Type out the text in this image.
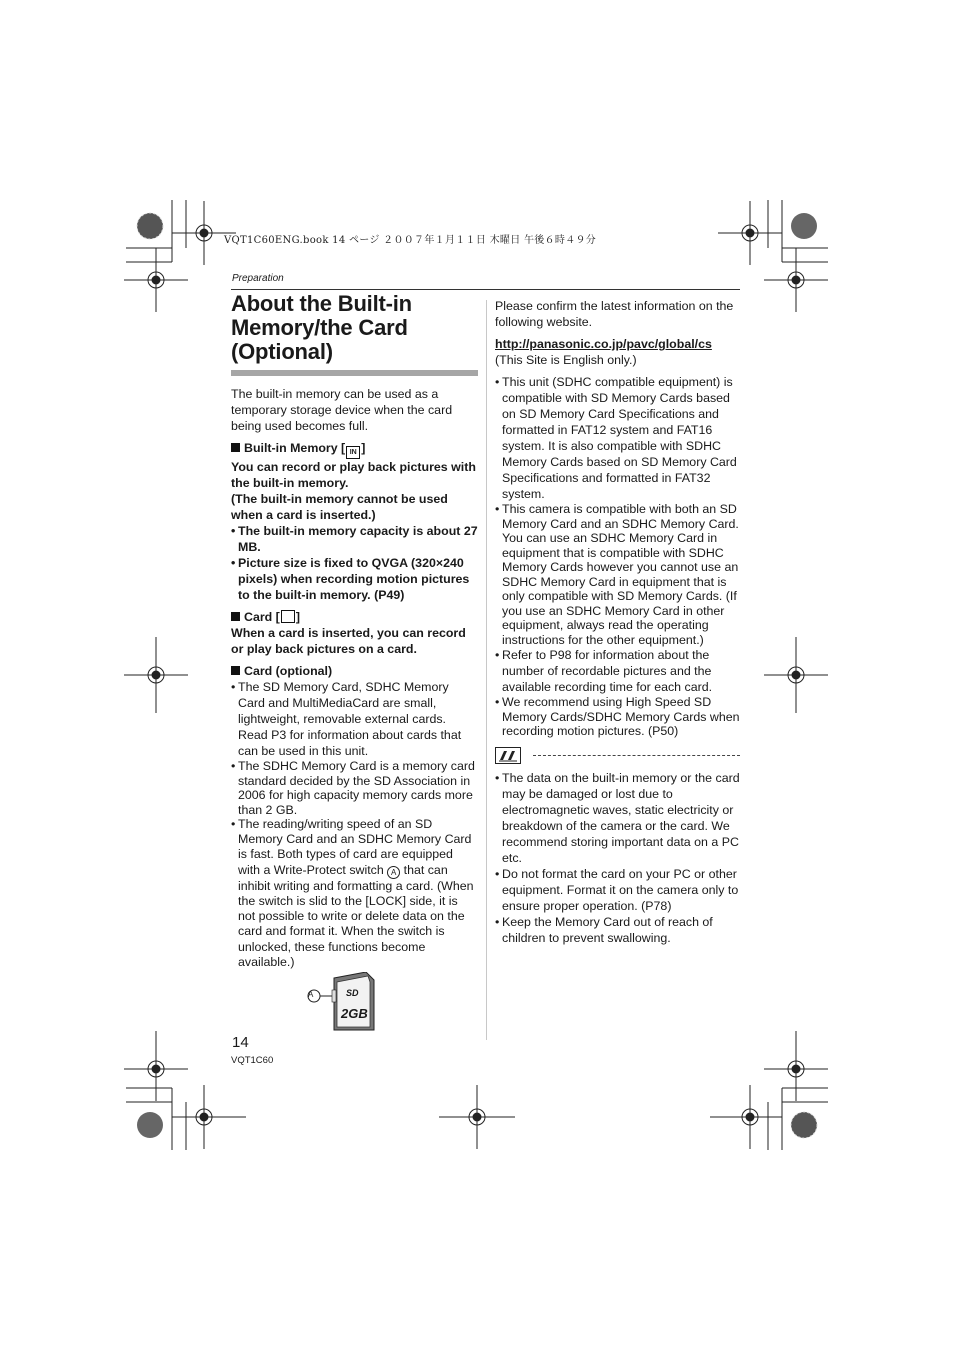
VQT1C60ENG.book 14 ページ ２００７年１月１１日 木曜日 午後６時４９分
Preparation
About the Built-in Memory/the Card (Optional)

The built-in memory can be used as a temporary storage device when the card being used becomes full.

Built-in Memory [ IN ]

You can record or play back pictures with the built-in memory.

(The built-in memory cannot be used when a card is inserted.)

• The built-in memory capacity is about 27 MB.

• Picture size is fixed to QVGA (320×240 pixels) when recording motion pictures to the built-in memory. (P49)

Card [ ]

When a card is inserted, you can record or play back pictures on a card.

Card (optional)

• The SD Memory Card, SDHC Memory Card and MultiMediaCard are small, lightweight, removable external cards. Read P3 for information about cards that can be used in this unit.

• The SDHC Memory Card is a memory card standard decided by the SD Association in 2006 for high capacity memory cards more than 2 GB.

• The reading/writing speed of an SD Memory Card and an SDHC Memory Card is fast. Both types of card are equipped with a Write-Protect switch A that can inhibit writing and formatting a card. (When the switch is slid to the [LOCK] side, it is not possible to write or delete data on the card and format it. When the switch is unlocked, these functions become available.)

A	SD
2GB

Please confirm the latest information on the following website.

http://panasonic.co.jp/pavc/global/cs

(This Site is English only.)

• This unit (SDHC compatible equipment) is compatible with SD Memory Cards based on SD Memory Card Specifications and formatted in FAT12 system and FAT16 system. It is also compatible with SDHC Memory Cards based on SD Memory Card Specifications and formatted in FAT32 system.

• This camera is compatible with both an SD Memory Card and an SDHC Memory Card. You can use an SDHC Memory Card in equipment that is compatible with SDHC Memory Cards however you cannot use an SDHC Memory Card in equipment that is only compatible with SD Memory Cards. (If you use an SDHC Memory Card in other equipment, always read the operating instructions for the other equipment.)

• Refer to P98 for information about the number of recordable pictures and the available recording time for each card.

• We recommend using High Speed SD Memory Cards/SDHC Memory Cards when recording motion pictures. (P50)

• The data on the built-in memory or the card may be damaged or lost due to electromagnetic waves, static electricity or breakdown of the camera or the card. We recommend storing important data on a PC etc.

• Do not format the card on your PC or other equipment. Format it on the camera only to ensure proper operation. (P78)

• Keep the Memory Card out of reach of children to prevent swallowing.

14
VQT1C60
